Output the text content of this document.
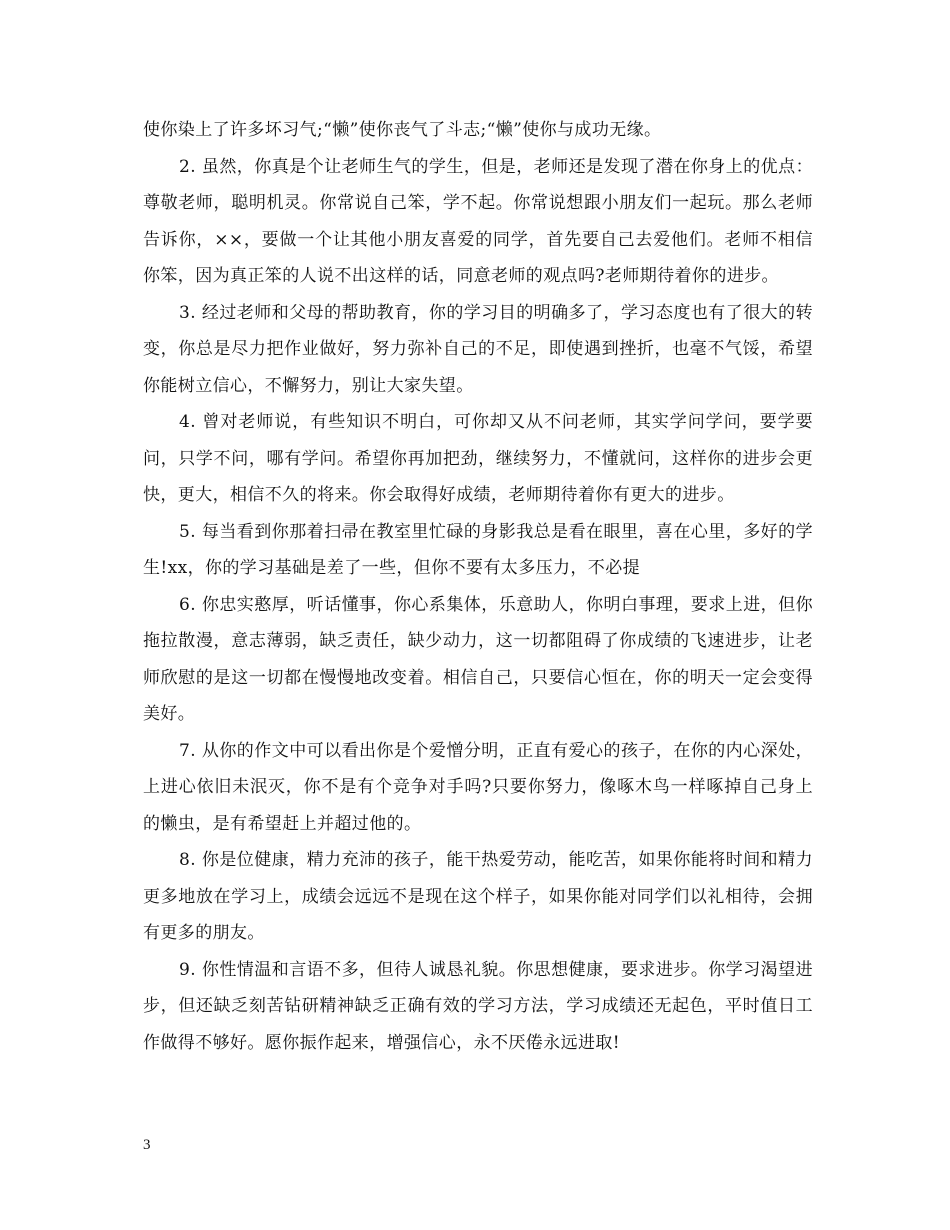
使你染上了许多坏习气;“懒”使你丧气了斗志;“懒”使你与成功无缘。

2. 虽然，你真是个让老师生气的学生，但是，老师还是发现了潜在你身上的优点：尊敬老师，聪明机灵。你常说自己笨，学不起。你常说想跟小朋友们一起玩。那么老师告诉你，××，要做一个让其他小朋友喜爱的同学，首先要自己去爱他们。老师不相信你笨，因为真正笨的人说不出这样的话，同意老师的观点吗?老师期待着你的进步。

3. 经过老师和父母的帮助教育，你的学习目的明确多了，学习态度也有了很大的转变，你总是尽力把作业做好，努力弥补自己的不足，即使遇到挫折，也毫不气馁，希望你能树立信心，不懈努力，别让大家失望。

4. 曾对老师说，有些知识不明白，可你却又从不问老师，其实学问学问，要学要问，只学不问，哪有学问。希望你再加把劲，继续努力，不懂就问，这样你的进步会更快，更大，相信不久的将来。你会取得好成绩，老师期待着你有更大的进步。

5. 每当看到你那着扫帚在教室里忙碌的身影我总是看在眼里，喜在心里，多好的学生!xx，你的学习基础是差了一些，但你不要有太多压力，不必提

6. 你忠实憨厚，听话懂事，你心系集体，乐意助人，你明白事理，要求上进，但你拖拉散漫，意志薄弱，缺乏责任，缺少动力，这一切都阻碍了你成绩的飞速进步，让老师欣慰的是这一切都在慢慢地改变着。相信自己，只要信心恒在，你的明天一定会变得美好。

7. 从你的作文中可以看出你是个爱憎分明，正直有爱心的孩子，在你的内心深处，上进心依旧未泯灭，你不是有个竞争对手吗?只要你努力，像啄木鸟一样啄掉自己身上的懒虫，是有希望赶上并超过他的。

8. 你是位健康，精力充沛的孩子，能干热爱劳动，能吃苦，如果你能将时间和精力更多地放在学习上，成绩会远远不是现在这个样子，如果你能对同学们以礼相待，会拥有更多的朋友。

9. 你性情温和言语不多，但待人诚恳礼貌。你思想健康，要求进步。你学习渴望进步，但还缺乏刻苦钻研精神缺乏正确有效的学习方法，学习成绩还无起色，平时值日工作做得不够好。愿你振作起来，增强信心，永不厌倦永远进取!

3
